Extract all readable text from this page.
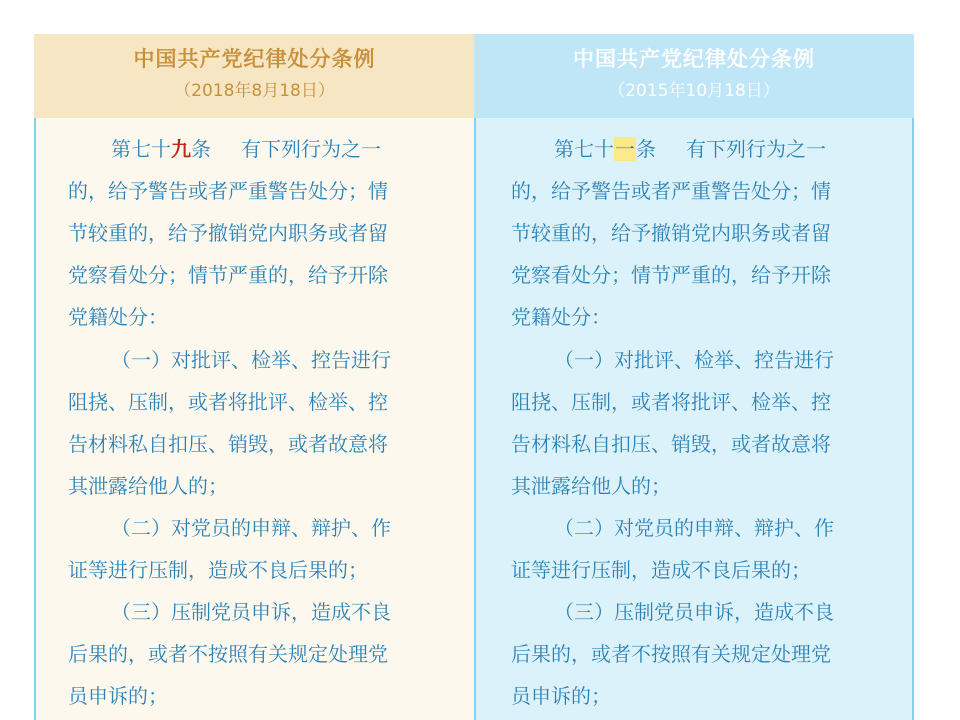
中国共产党纪律处分条例
（2018年8月18日）
第七十九条 有下列行为之一
的，给予警告或者严重警告处分；情
节较重的，给予撤销党内职务或者留
党察看处分；情节严重的，给予开除
党籍处分：
（一）对批评、检举、控告进行
阻挠、压制，或者将批评、检举、控
告材料私自扣压、销毁，或者故意将
其泄露给他人的；
（二）对党员的申辩、辩护、作
证等进行压制，造成不良后果的；
（三）压制党员申诉，造成不良
后果的，或者不按照有关规定处理党
员申诉的；
中国共产党纪律处分条例
（2015年10月18日）
第七十一条 有下列行为之一
的，给予警告或者严重警告处分；情
节较重的，给予撤销党内职务或者留
党察看处分；情节严重的，给予开除
党籍处分：
（一）对批评、检举、控告进行
阻挠、压制，或者将批评、检举、控
告材料私自扣压、销毁，或者故意将
其泄露给他人的；
（二）对党员的申辩、辩护、作
证等进行压制，造成不良后果的；
（三）压制党员申诉，造成不良
后果的，或者不按照有关规定处理党
员申诉的；
